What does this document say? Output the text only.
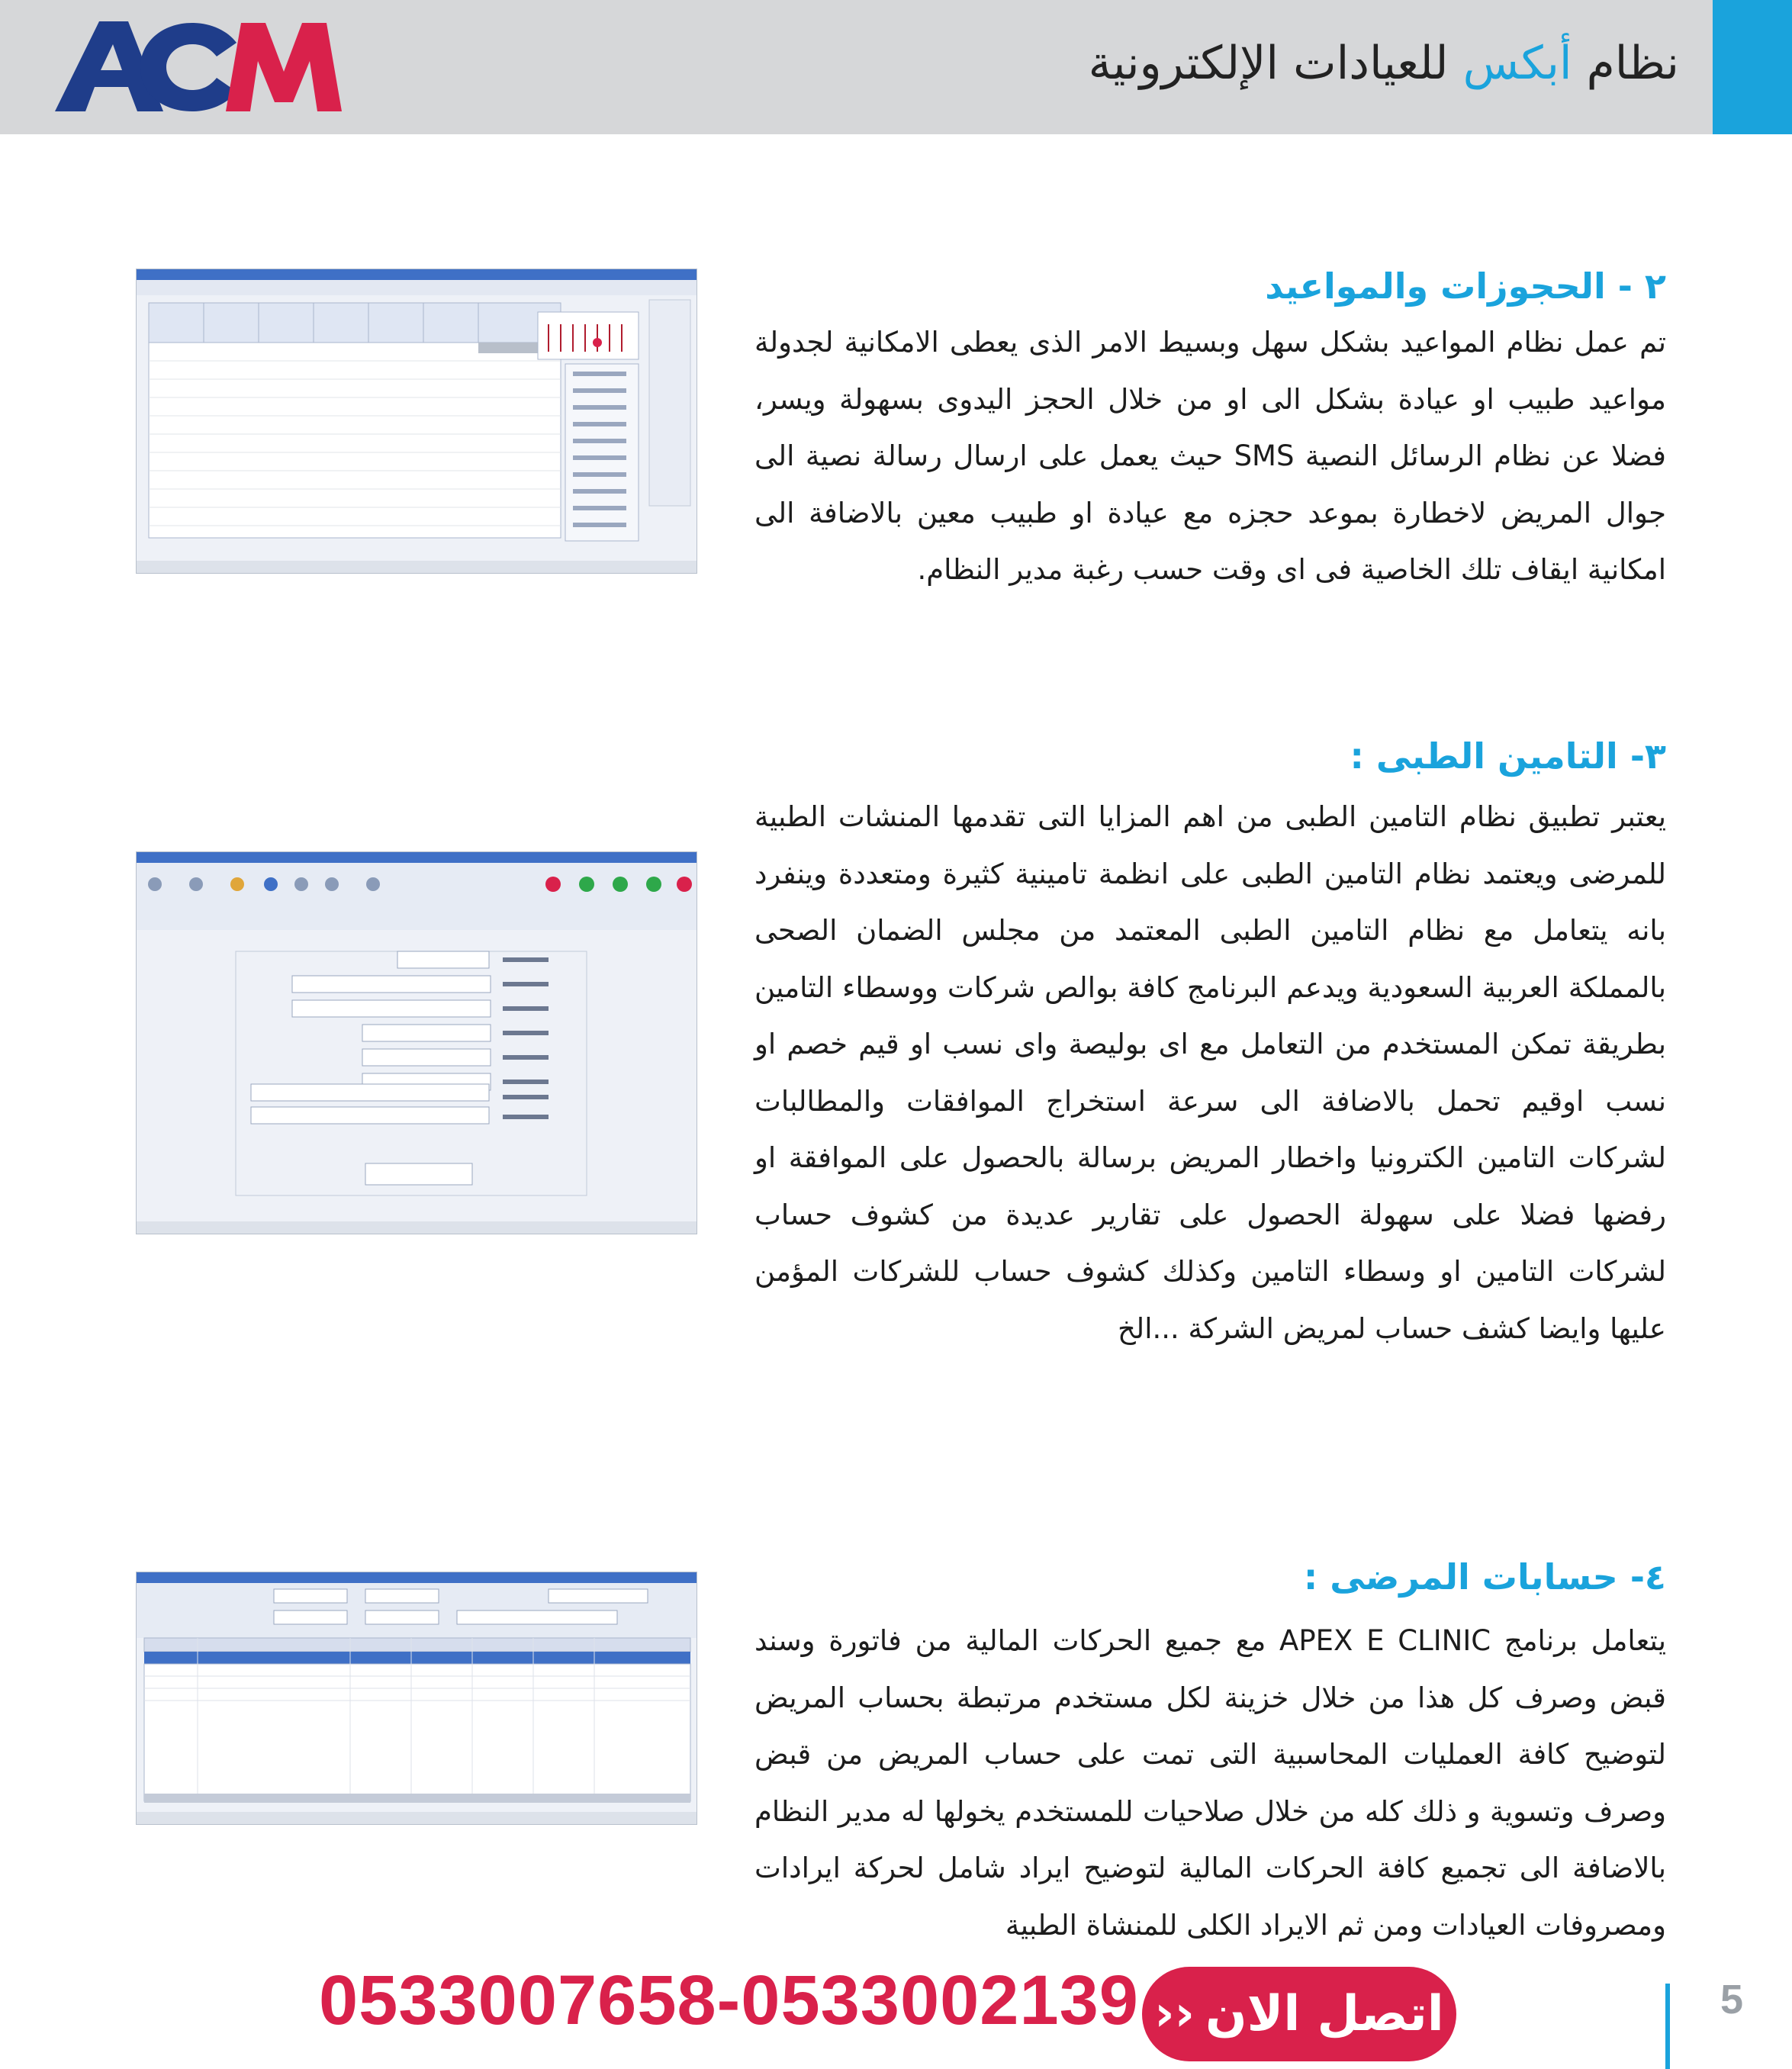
نظام أبكس للعيادات الإلكترونية
٢ - الحجوزات والمواعيد
تم عمل نظام المواعيد بشكل سهل وبسيط الامر الذى يعطى الامكانية لجدولة مواعيد طبيب او عيادة بشكل الى او من خلال الحجز اليدوى بسهولة ويسر، فضلا عن نظام الرسائل النصية SMS حيث يعمل على ارسال رسالة نصية الى جوال المريض لاخطارة بموعد حجزه مع عيادة او طبيب معين بالاضافة الى امكانية ايقاف تلك الخاصية فى اى وقت حسب رغبة مدير النظام.
٣- التامين الطبى :
يعتبر تطبيق نظام التامين الطبى من اهم المزايا التى تقدمها المنشات الطبية للمرضى ويعتمد نظام التامين الطبى على انظمة تامينية كثيرة ومتعددة وينفرد بانه يتعامل مع نظام التامين الطبى المعتمد من مجلس الضمان الصحى بالمملكة العربية السعودية ويدعم البرنامج كافة بوالص شركات ووسطاء التامين بطريقة تمكن المستخدم من التعامل مع اى بوليصة واى نسب او قيم خصم او نسب اوقيم تحمل بالاضافة الى سرعة استخراج الموافقات والمطالبات لشركات التامين الكترونيا واخطار المريض برسالة بالحصول على الموافقة او رفضها فضلا على سهولة الحصول على تقارير عديدة من كشوف حساب لشركات التامين او وسطاء التامين وكذلك كشوف حساب للشركات المؤمن عليها وايضا كشف حساب لمريض الشركة ...الخ
٤- حسابات المرضى :
يتعامل برنامج APEX E CLINIC مع جميع الحركات المالية من فاتورة وسند قبض وصرف كل هذا من خلال خزينة لكل مستخدم مرتبطة بحساب المريض لتوضيح كافة العمليات المحاسبية التى تمت على حساب المريض من قبض وصرف وتسوية و ذلك كله من خلال صلاحيات للمستخدم يخولها له مدير النظام بالاضافة الى تجميع كافة الحركات المالية لتوضيح ايراد شامل لحركة ايرادات ومصروفات العيادات ومن ثم الايراد الكلى للمنشاة الطبية
0533007658-0533002139 اتصل الان
‹‹	5
